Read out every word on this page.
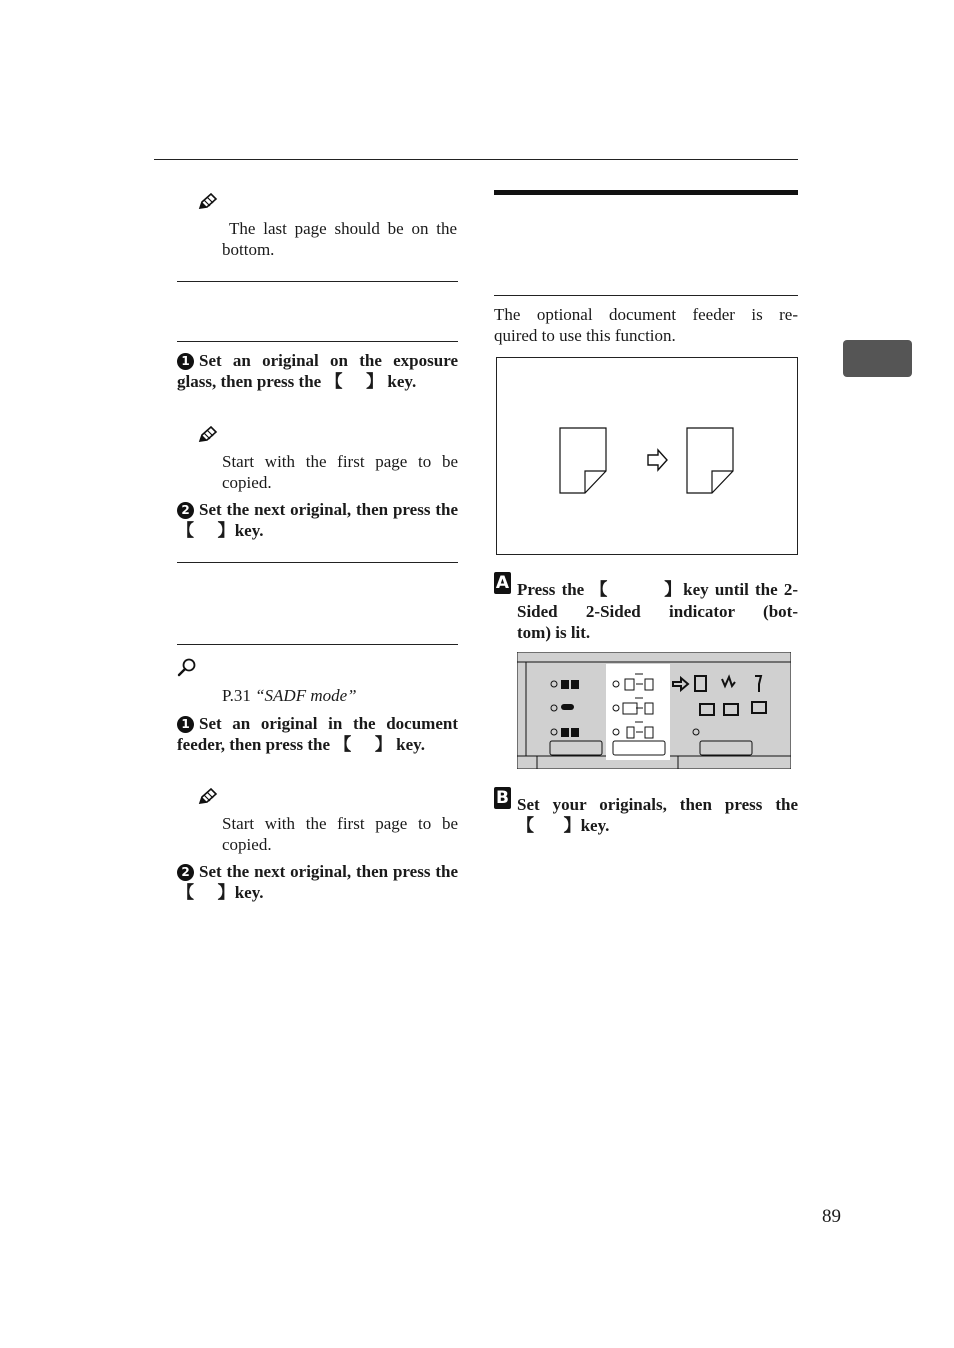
The last page should be on the bottom.
1 Set an original on the exposure glass, then press the 【    】 key.
Start with the first page to be copied.
2 Set the next original, then press the 【    】key.
P.31 “SADF mode”
1 Set an original in the document feeder, then press the 【    】 key.
Start with the first page to be copied.
2 Set the next original, then press the 【    】key.
The optional document feeder is re-
quired to use this function.
A Press the 【       】key until the 2-
Sided 2-Sided indicator (bot-
tom) is lit.
B Set your originals, then press the
【     】key.
89
